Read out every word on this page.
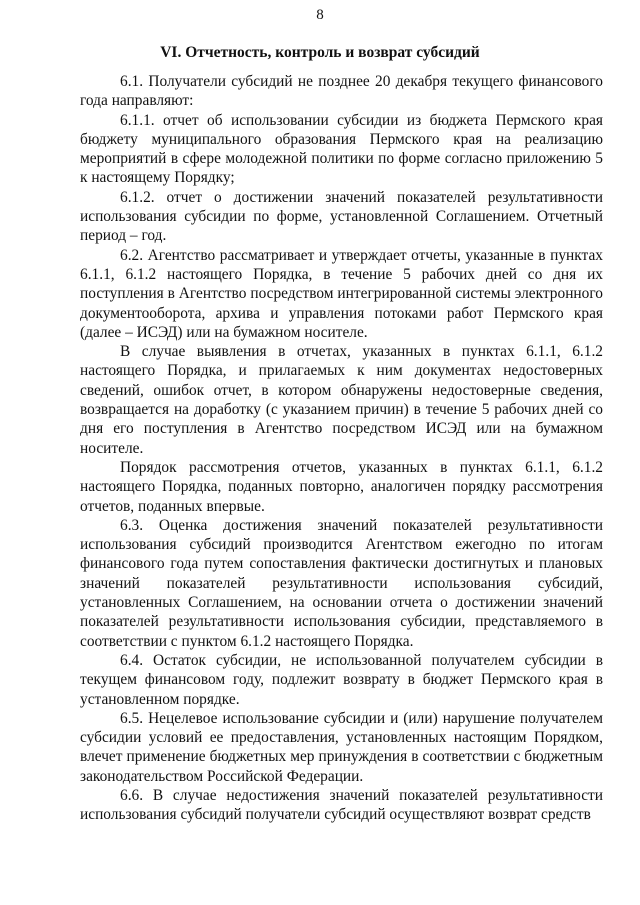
8
VI. Отчетность, контроль и возврат субсидий

6.1. Получатели субсидий не позднее 20 декабря текущего финансового года направляют:

6.1.1. отчет об использовании субсидии из бюджета Пермского края бюджету муниципального образования Пермского края на реализацию мероприятий в сфере молодежной политики по форме согласно приложению 5 к настоящему Порядку;

6.1.2. отчет о достижении значений показателей результативности использования субсидии по форме, установленной Соглашением. Отчетный период – год.

6.2. Агентство рассматривает и утверждает отчеты, указанные в пунктах 6.1.1, 6.1.2 настоящего Порядка, в течение 5 рабочих дней со дня их поступления в Агентство посредством интегрированной системы электронного документооборота, архива и управления потоками работ Пермского края (далее – ИСЭД) или на бумажном носителе.

В случае выявления в отчетах, указанных в пунктах 6.1.1, 6.1.2 настоящего Порядка, и прилагаемых к ним документах недостоверных сведений, ошибок отчет, в котором обнаружены недостоверные сведения, возвращается на доработку (с указанием причин) в течение 5 рабочих дней со дня его поступления в Агентство посредством ИСЭД или на бумажном носителе.

Порядок рассмотрения отчетов, указанных в пунктах 6.1.1, 6.1.2 настоящего Порядка, поданных повторно, аналогичен порядку рассмотрения отчетов, поданных впервые.

6.3. Оценка достижения значений показателей результативности использования субсидий производится Агентством ежегодно по итогам финансового года путем сопоставления фактически достигнутых и плановых значений показателей результативности использования субсидий, установленных Соглашением, на основании отчета о достижении значений показателей результативности использования субсидии, представляемого в соответствии с пунктом 6.1.2 настоящего Порядка.

6.4. Остаток субсидии, не использованной получателем субсидии в текущем финансовом году, подлежит возврату в бюджет Пермского края в установленном порядке.

6.5. Нецелевое использование субсидии и (или) нарушение получателем субсидии условий ее предоставления, установленных настоящим Порядком, влечет применение бюджетных мер принуждения в соответствии с бюджетным законодательством Российской Федерации.

6.6. В случае недостижения значений показателей результативности использования субсидий получатели субсидий осуществляют возврат средств
